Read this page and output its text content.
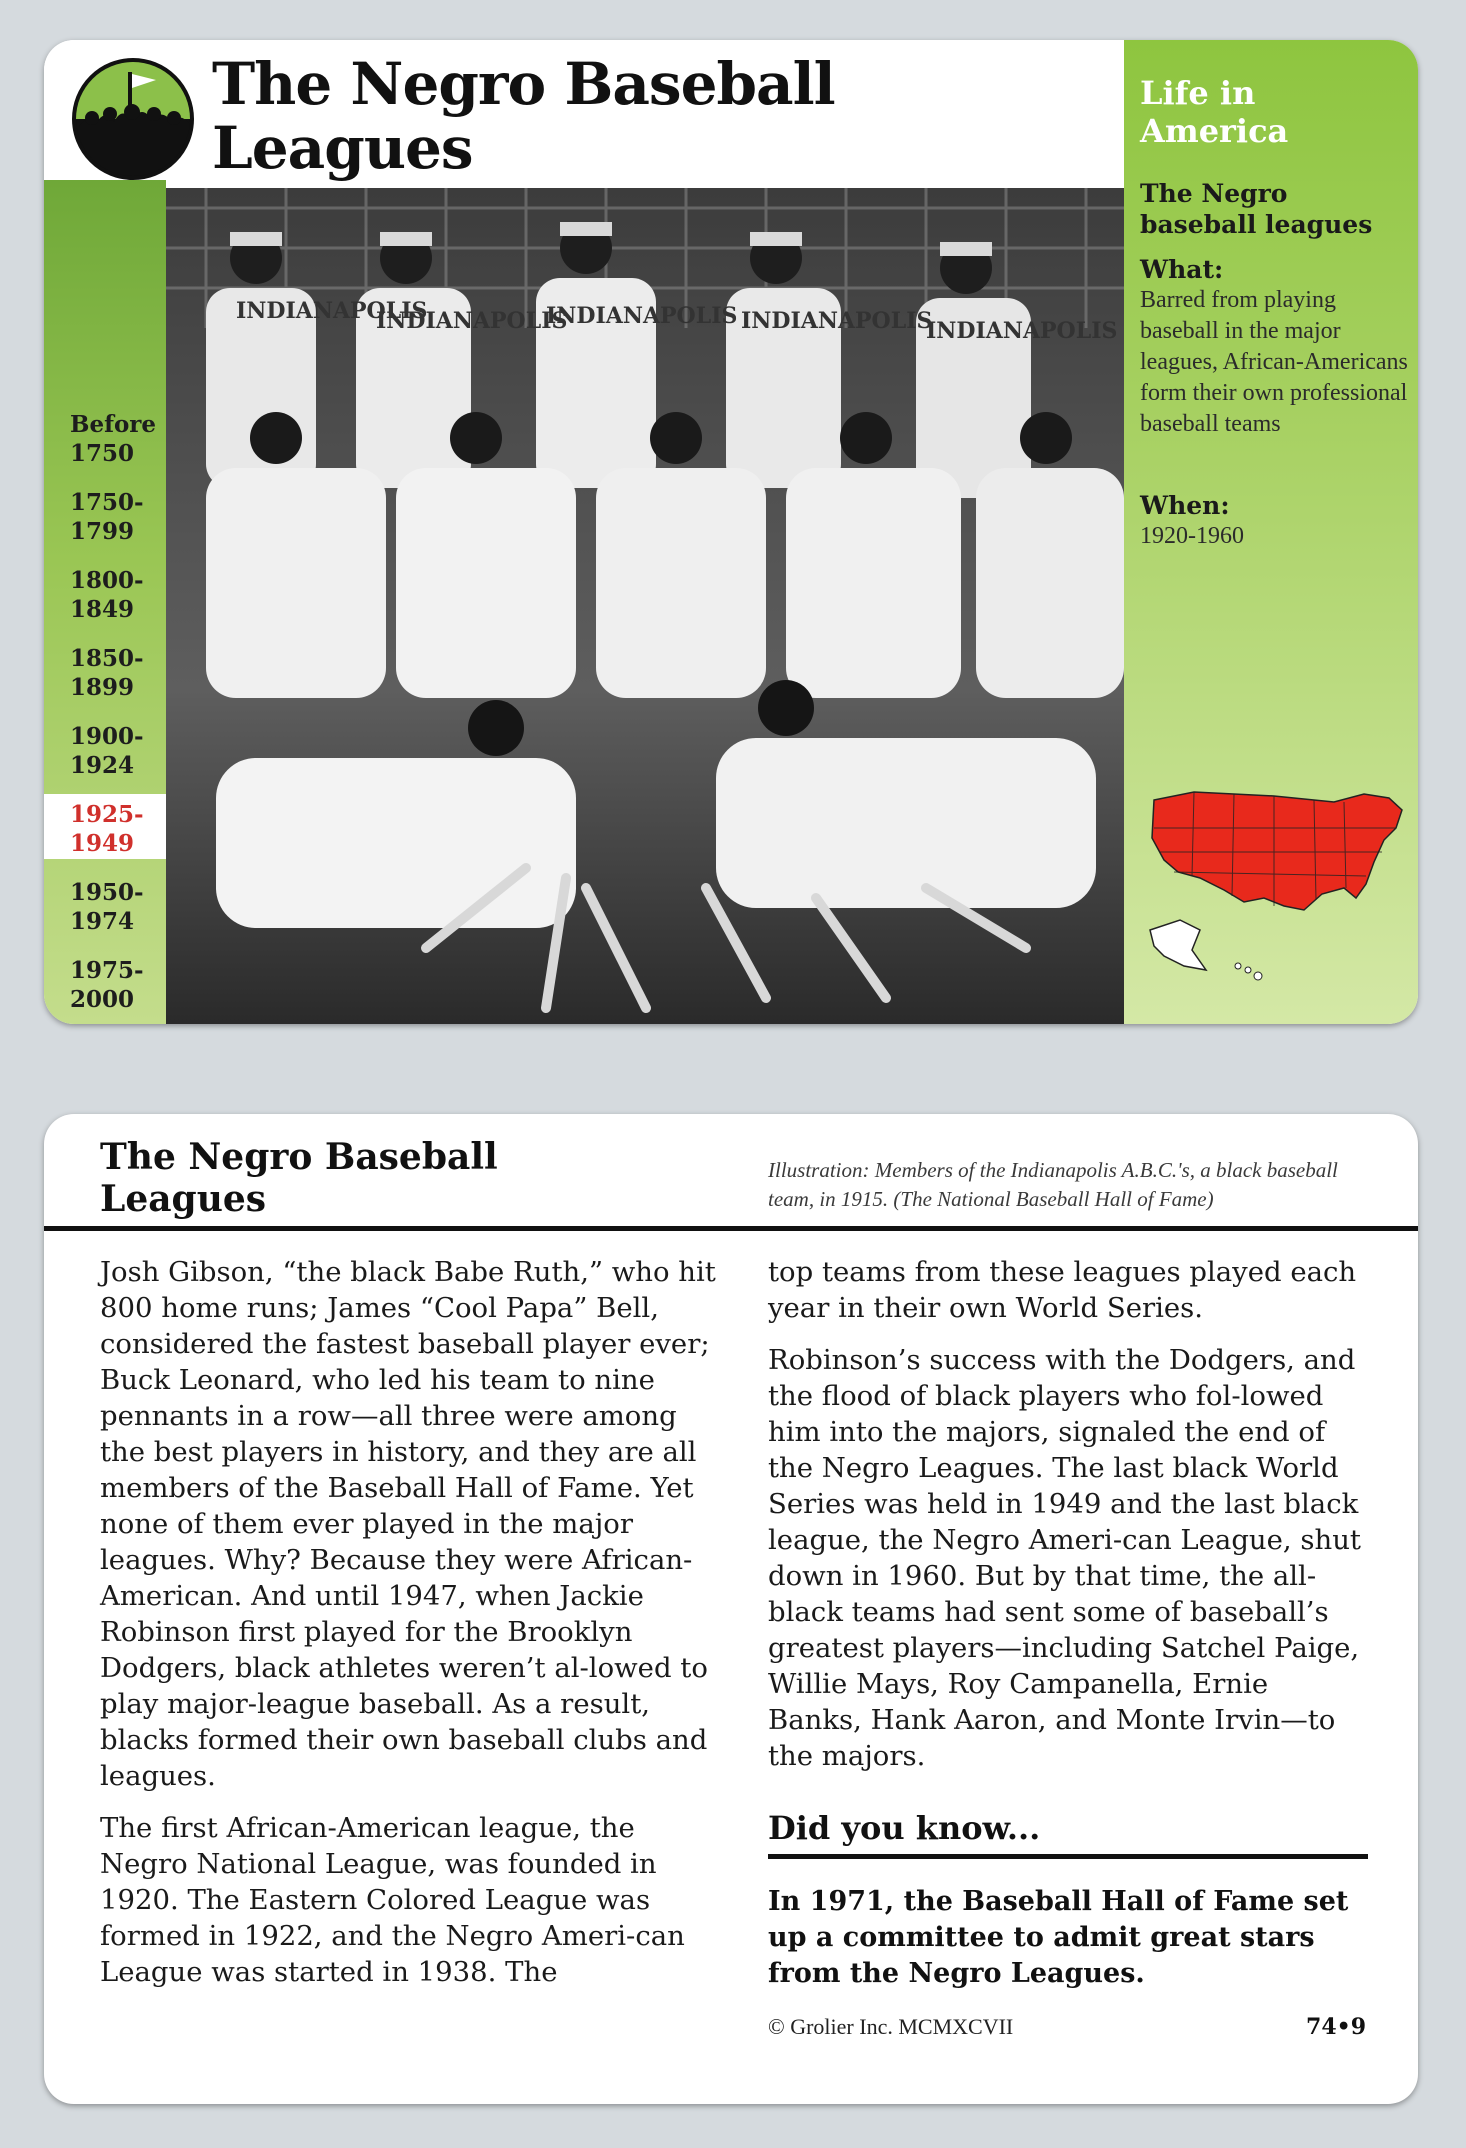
The Negro Baseball
Leagues
Before
1750
1750-
1799
1800-
1849
1850-
1899
1900-
1924
1925-
1949
1950-
1974
1975-
2000
INDIANAPOLIS
INDIANAPOLIS
INDIANAPOLIS INDIANAPOLIS
INDIANAPOLIS
Life in
America
The Negro
baseball leagues
What:
Barred from playing baseball in the major leagues, African-Americans form their own professional baseball teams
When:
1920-1960
The Negro Baseball
Leagues
Illustration: Members of the Indianapolis A.B.C.'s, a black baseball team, in 1915. (The National Baseball Hall of Fame)

Josh Gibson, “the black Babe Ruth,” who hit 800 home runs; James “Cool Papa” Bell, considered the fastest baseball player ever; Buck Leonard, who led his team to nine pennants in a row—all three were among the best players in history, and they are all members of the Baseball Hall of Fame. Yet none of them ever played in the major leagues. Why? Because they were African-American. And until 1947, when Jackie Robinson first played for the Brooklyn Dodgers, black athletes weren’t al-lowed to play major-league baseball. As a result, blacks formed their own baseball clubs and leagues.

The first African-American league, the Negro National League, was founded in 1920. The Eastern Colored League was formed in 1922, and the Negro Ameri-can League was started in 1938. The

top teams from these leagues played each year in their own World Series.

Robinson’s success with the Dodgers, and the flood of black players who fol-lowed him into the majors, signaled the end of the Negro Leagues. The last black World Series was held in 1949 and the last black league, the Negro Ameri-can League, shut down in 1960. But by that time, the all-black teams had sent some of baseball’s greatest players—including Satchel Paige, Willie Mays, Roy Campanella, Ernie Banks, Hank Aaron, and Monte Irvin—to the majors.

Did you know...
In 1971, the Baseball Hall of Fame set up a committee to admit great stars from the Negro Leagues.
© Grolier Inc. MCMXCVII	74•9
